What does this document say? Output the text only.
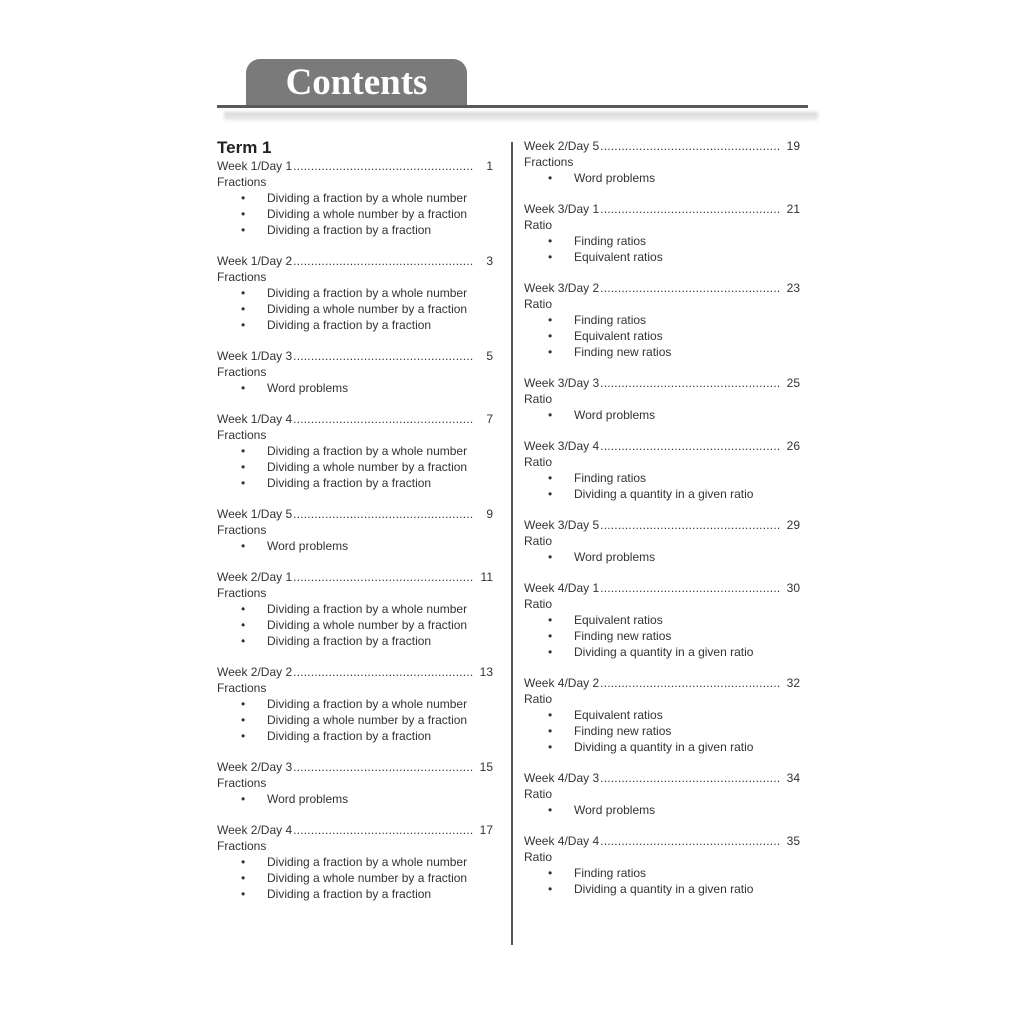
Contents
Term 1
Week 1/Day 1 .....	1
Fractions
• Dividing a fraction by a whole number
• Dividing a whole number by a fraction
• Dividing a fraction by a fraction
Week 1/Day 2 .....	3
Fractions
• Dividing a fraction by a whole number
• Dividing a whole number by a fraction
• Dividing a fraction by a fraction
Week 1/Day 3 .....	5
Fractions
• Word problems
Week 1/Day 4 .....	7
Fractions
• Dividing a fraction by a whole number
• Dividing a whole number by a fraction
• Dividing a fraction by a fraction
Week 1/Day 5 .....	9
Fractions
• Word problems
Week 2/Day 1 .....	11
Fractions
• Dividing a fraction by a whole number
• Dividing a whole number by a fraction
• Dividing a fraction by a fraction
Week 2/Day 2 .....	13
Fractions
• Dividing a fraction by a whole number
• Dividing a whole number by a fraction
• Dividing a fraction by a fraction
Week 2/Day 3 .....	15
Fractions
• Word problems
Week 2/Day 4 .....	17
Fractions
• Dividing a fraction by a whole number
• Dividing a whole number by a fraction
• Dividing a fraction by a fraction
Week 2/Day 5 .....	19
Fractions
• Word problems
Week 3/Day 1 .....	21
Ratio
• Finding ratios
• Equivalent ratios
Week 3/Day 2 .....	23
Ratio
• Finding ratios
• Equivalent ratios
• Finding new ratios
Week 3/Day 3 .....	25
Ratio
• Word problems
Week 3/Day 4 .....	26
Ratio
• Finding ratios
• Dividing a quantity in a given ratio
Week 3/Day 5 .....	29
Ratio
• Word problems
Week 4/Day 1 .....	30
Ratio
• Equivalent ratios
• Finding new ratios
• Dividing a quantity in a given ratio
Week 4/Day 2 .....	32
Ratio
• Equivalent ratios
• Finding new ratios
• Dividing a quantity in a given ratio
Week 4/Day 3 .....	34
Ratio
• Word problems
Week 4/Day 4 .....	35
Ratio
• Finding ratios
• Dividing a quantity in a given ratio
